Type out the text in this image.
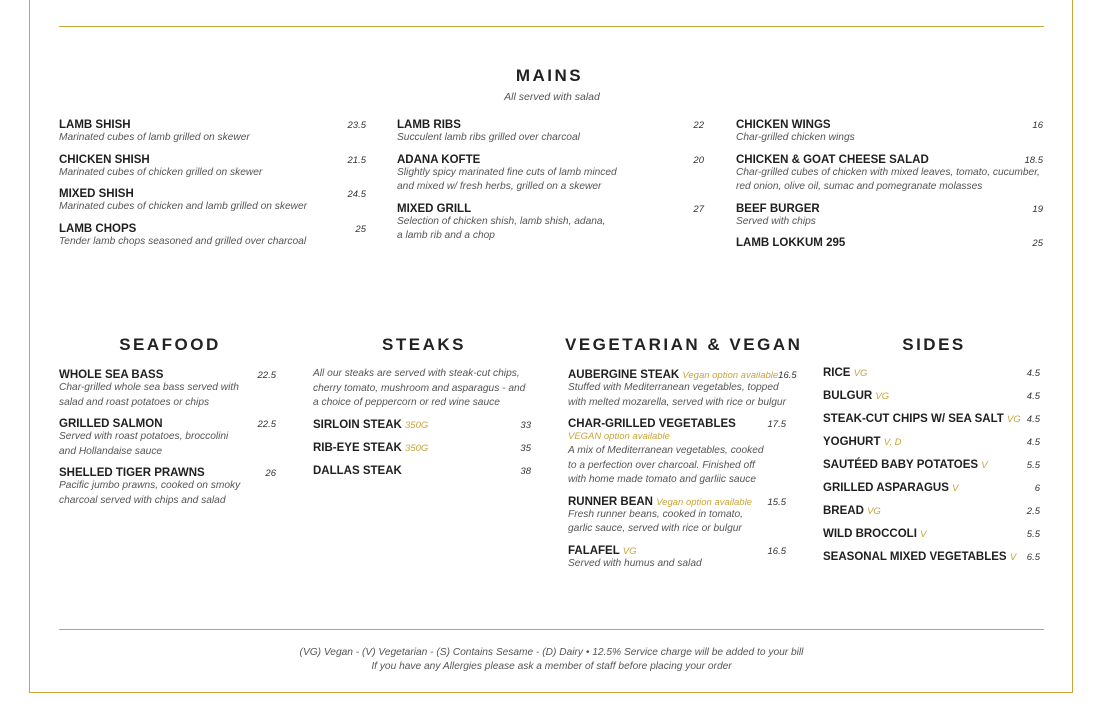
MAINS
All served with salad
LAMB SHISH	23.5
Marinated cubes of lamb grilled on skewer
CHICKEN SHISH	21.5
Marinated cubes of chicken grilled on skewer
MIXED SHISH	24.5
Marinated cubes of chicken and lamb grilled on skewer
LAMB CHOPS	25
Tender lamb chops seasoned and grilled over charcoal
LAMB RIBS	22
Succulent lamb ribs grilled over charcoal
ADANA KOFTE	20
Slightly spicy marinated fine cuts of lamb minced
and mixed w/ fresh herbs, grilled on a skewer
MIXED GRILL	27
Selection of chicken shish, lamb shish, adana,
a lamb rib and a chop
CHICKEN WINGS	16
Char-grilled chicken wings
CHICKEN & GOAT CHEESE SALAD	18.5
Char-grilled cubes of chicken with mixed leaves, tomato, cucumber,
red onion, olive oil, sumac and pomegranate molasses
BEEF BURGER	19
Served with chips
LAMB LOKKUM 295	25
SEAFOOD
WHOLE SEA BASS	22.5
Char-grilled whole sea bass served with
salad and roast potatoes or chips
GRILLED SALMON	22.5
Served with roast potatoes, broccolini
and Hollandaise sauce
SHELLED TIGER PRAWNS	26
Pacific jumbo prawns, cooked on smoky
charcoal served with chips and salad
STEAKS
All our steaks are served with steak-cut chips,
cherry tomato, mushroom and asparagus - and
a choice of peppercorn or red wine sauce
SIRLOIN STEAK 350G	33
RIB-EYE STEAK 350G	35
DALLAS STEAK	38
VEGETARIAN & VEGAN
AUBERGINE STEAK Vegan option available 16.5
Stuffed with Mediterranean vegetables, topped
with melted mozarella, served with rice or bulgur
CHAR-GRILLED VEGETABLES	17.5
VEGAN option available
A mix of Mediterranean vegetables, cooked
to a perfection over charcoal. Finished off
with home made tomato and garliic sauce
RUNNER BEAN Vegan option available 15.5
Fresh runner beans, cooked in tomato,
garlic sauce, served with rice or bulgur
FALAFEL VG	16.5
Served with humus and salad
SIDES
RICE VG	4.5
BULGUR VG	4.5
STEAK-CUT CHIPS W/ SEA SALT VG 4.5
YOGHURT V, D	4.5
SAUTÉED BABY POTATOES V	5.5
GRILLED ASPARAGUS V	6
BREAD VG	2.5
WILD BROCCOLI V	5.5
SEASONAL MIXED VEGETABLES V 6.5
(VG) Vegan - (V) Vegetarian - (S) Contains Sesame - (D) Dairy • 12.5% Service charge will be added to your bill
If you have any Allergies please ask a member of staff before placing your order
